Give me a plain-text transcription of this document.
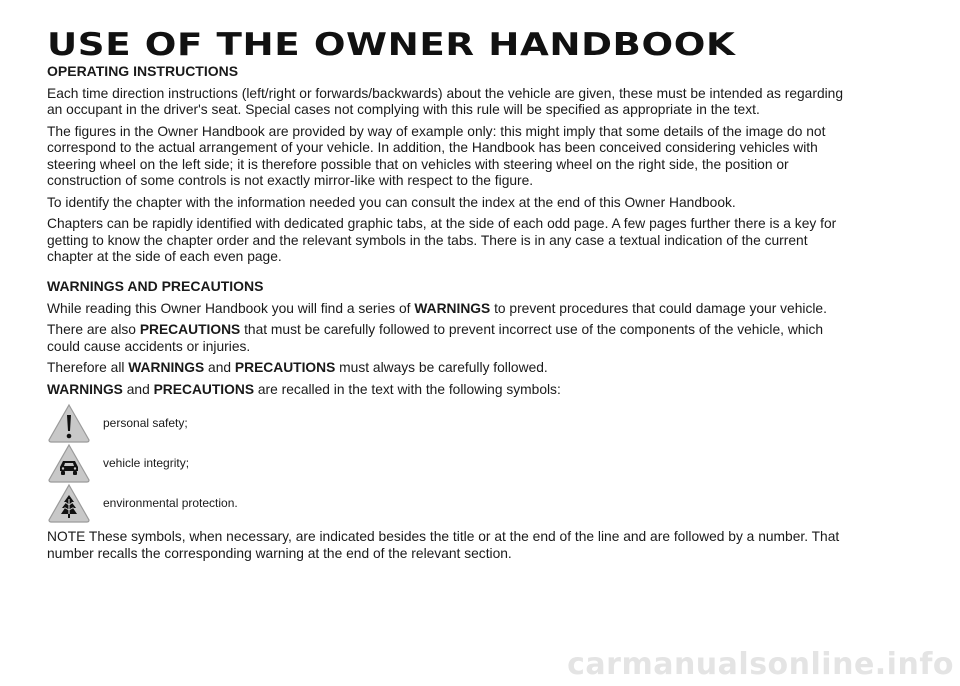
USE OF THE OWNER HANDBOOK
OPERATING INSTRUCTIONS

Each time direction instructions (left/right or forwards/backwards) about the vehicle are given, these must be intended as regarding an occupant in the driver's seat. Special cases not complying with this rule will be specified as appropriate in the text.

The figures in the Owner Handbook are provided by way of example only: this might imply that some details of the image do not correspond to the actual arrangement of your vehicle. In addition, the Handbook has been conceived considering vehicles with steering wheel on the left side; it is therefore possible that on vehicles with steering wheel on the right side, the position or construction of some controls is not exactly mirror-like with respect to the figure.

To identify the chapter with the information needed you can consult the index at the end of this Owner Handbook.

Chapters can be rapidly identified with dedicated graphic tabs, at the side of each odd page. A few pages further there is a key for getting to know the chapter order and the relevant symbols in the tabs. There is in any case a textual indication of the current chapter at the side of each even page.

WARNINGS AND PRECAUTIONS

While reading this Owner Handbook you will find a series of WARNINGS to prevent procedures that could damage your vehicle.

There are also PRECAUTIONS that must be carefully followed to prevent incorrect use of the components of the vehicle, which could cause accidents or injuries.

Therefore all WARNINGS and PRECAUTIONS must always be carefully followed.

WARNINGS and PRECAUTIONS are recalled in the text with the following symbols:

personal safety;
vehicle integrity;
environmental protection.

NOTE These symbols, when necessary, are indicated besides the title or at the end of the line and are followed by a number. That number recalls the corresponding warning at the end of the relevant section.

carmanualsonline.info
